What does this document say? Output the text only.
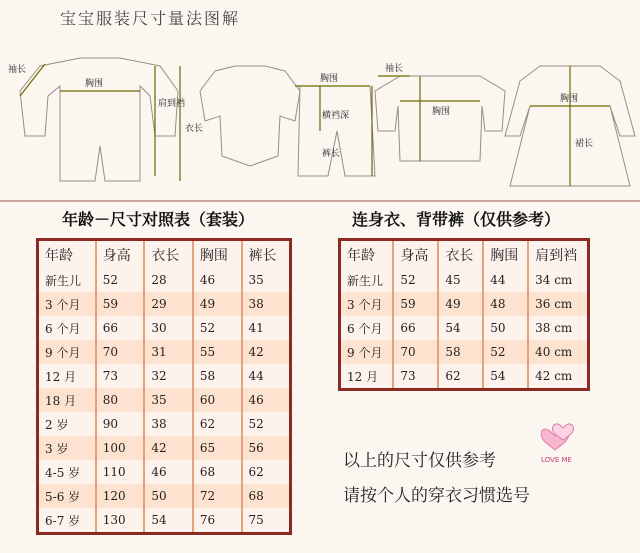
宝宝服装尺寸量法图解
袖长
胸围
肩到裆
衣长
胸围
横裆深
裤长
袖长
胸围
胸围
裙长
年龄－尺寸对照表（套装）	连身衣、背带裤（仅供参考）
年龄	身高	衣长	胸围	裤长
新生儿	52	28	46	35
3 个月	59	29	49	38
6 个月	66	30	52	41
9 个月	70	31	55	42
12 月	73	32	58	44
18 月	80	35	60	46
2 岁	90	38	62	52
3 岁	100	42	65	56
4-5 岁	110	46	68	62
5-6 岁	120	50	72	68
6-7 岁	130	54	76	75
年龄	身高	衣长	胸围	肩到裆
新生儿	52	45	44	34 cm
3 个月	59	49	48	36 cm
6 个月	66	54	50	38 cm
9 个月	70	58	52	40 cm
12 月	73	62	54	42 cm
以上的尺寸仅供参考
请按个人的穿衣习惯选号
LOVE ME
